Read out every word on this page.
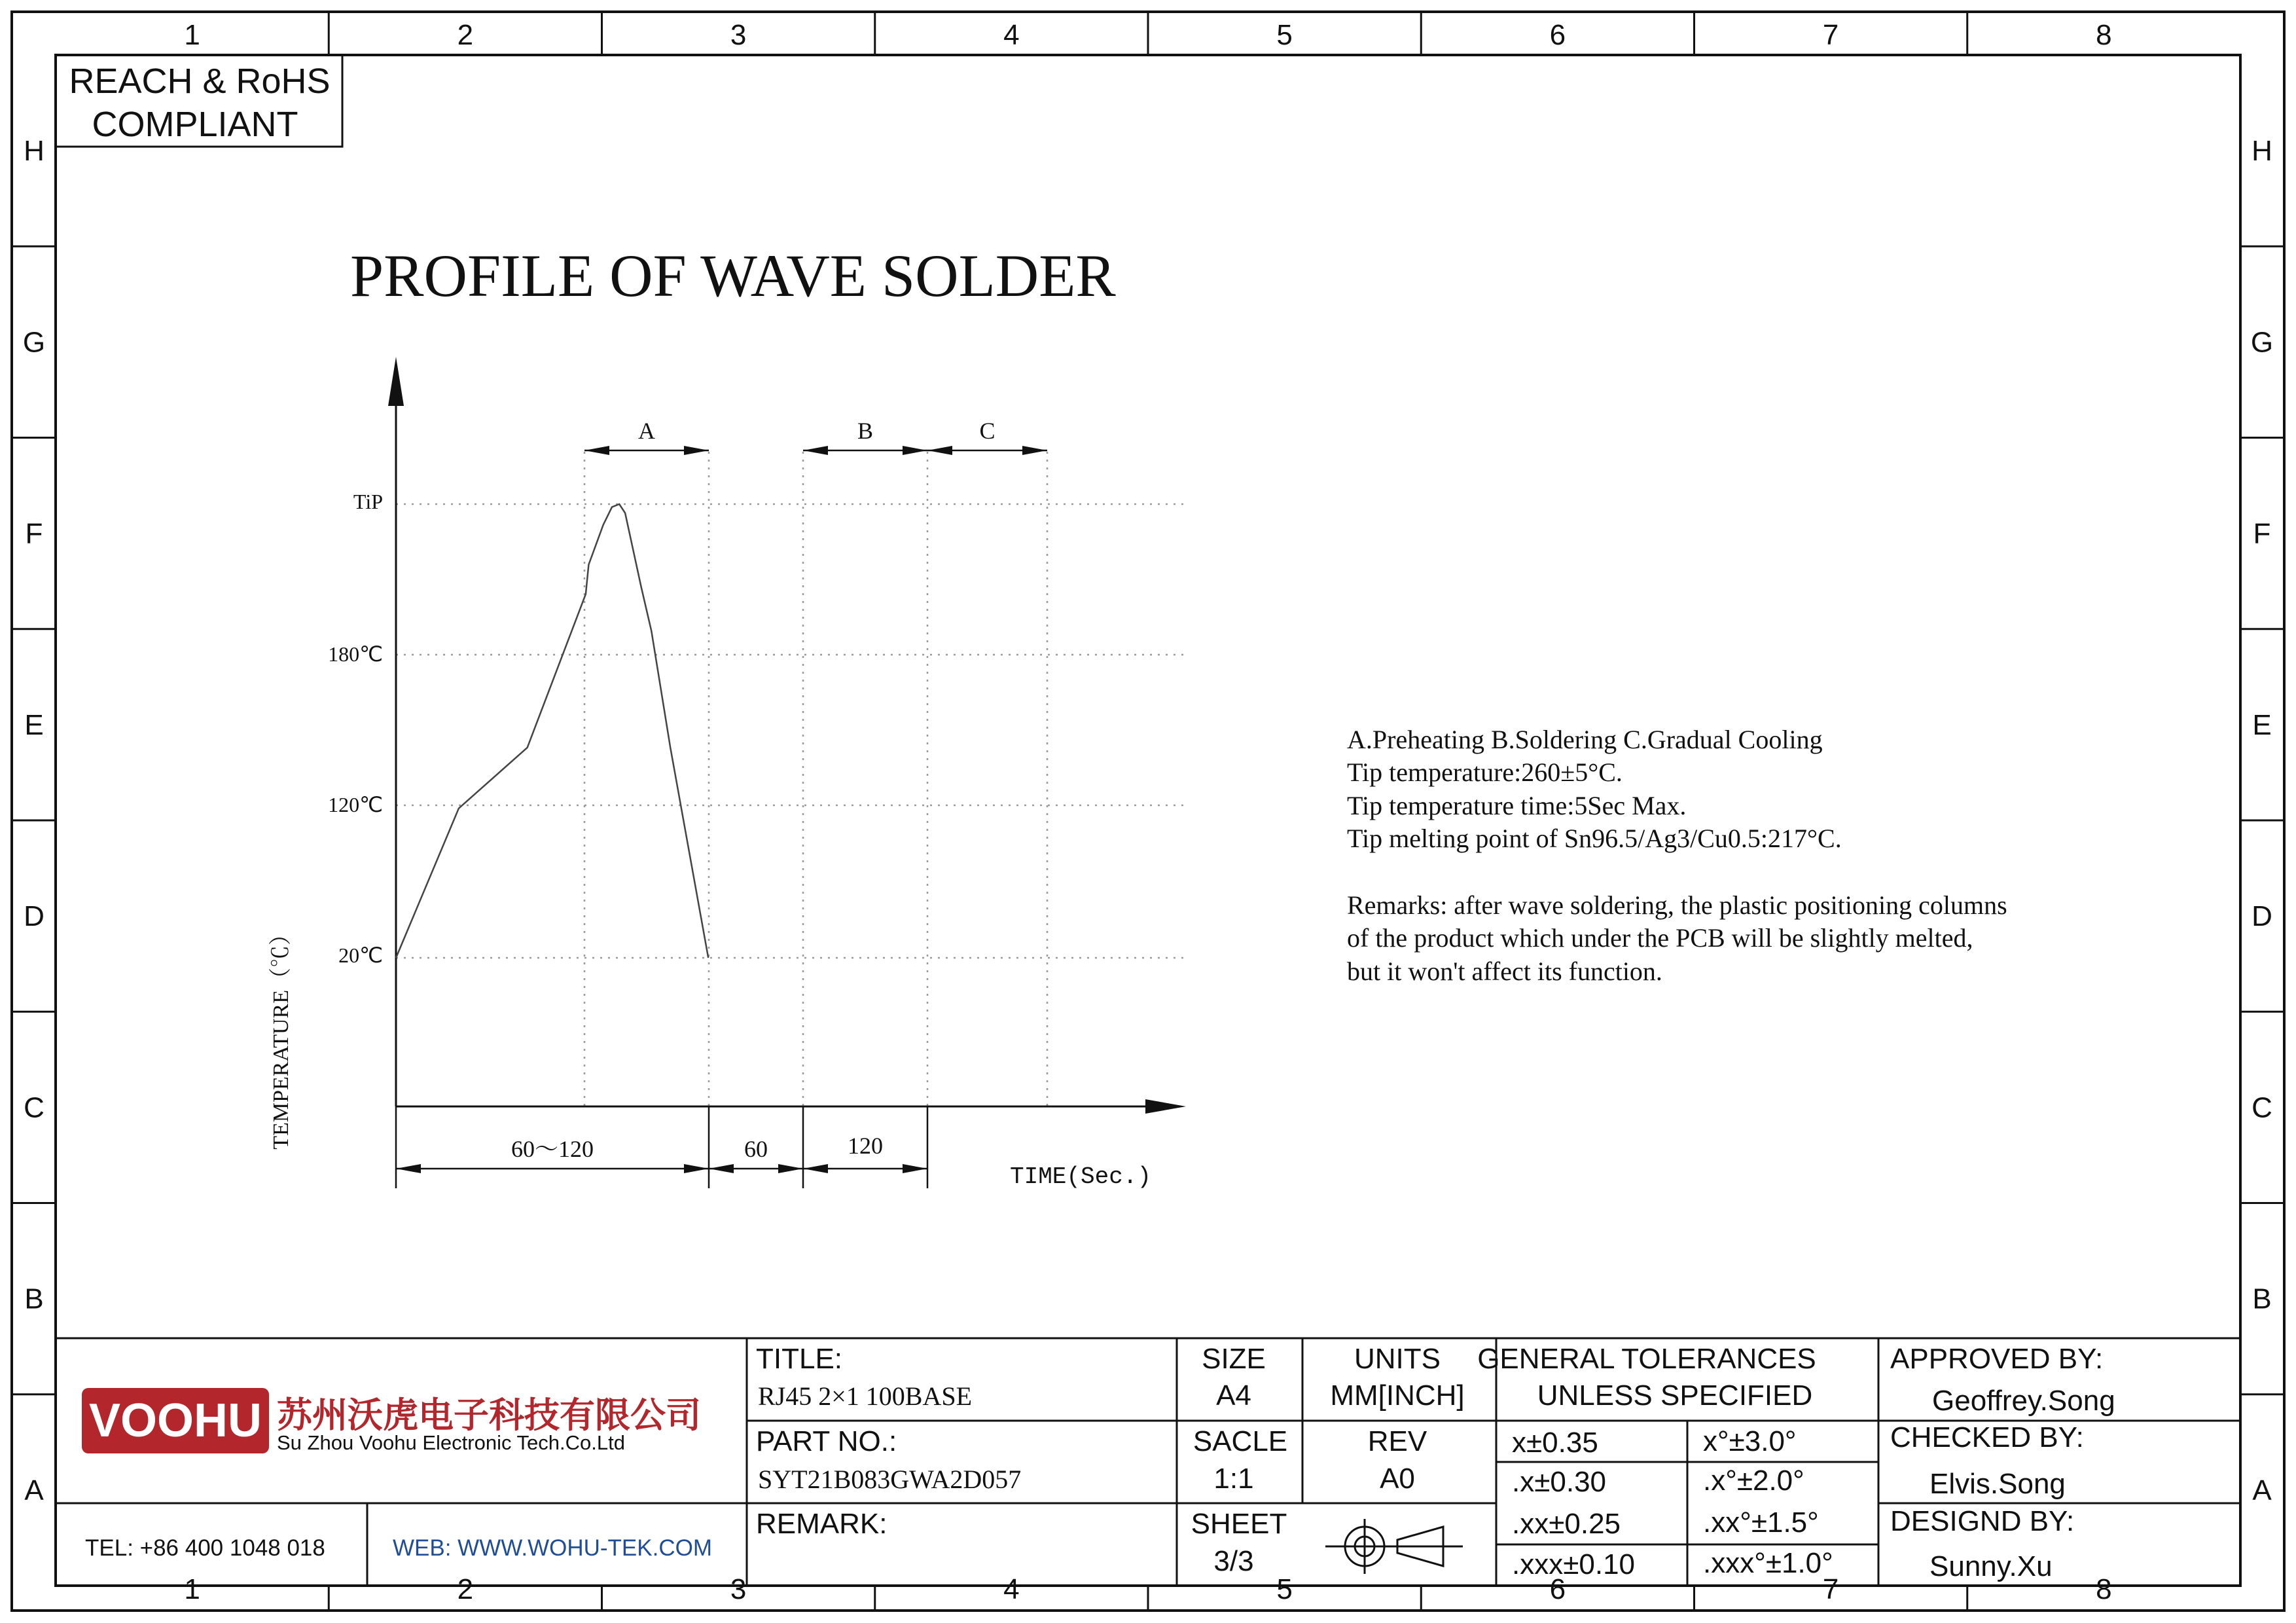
1
1
2
2
3
3
4
4
5
5
6
6
7
7
8
8
H	H
G	G
F	F
E	E
D	D
C	C
B	B
A	A
REACH & RoHS
COMPLIANT
PROFILE OF WAVE SOLDER
TiP
180℃
120℃
20℃
TEMPERATURE（℃）
A	B	C
60～120	60	120
TIME(Sec.)
A.Preheating B.Soldering C.Gradual Cooling
Tip temperature:260±5°C.
Tip temperature time:5Sec Max.
Tip melting point of Sn96.5/Ag3/Cu0.5:217°C.
Remarks: after wave soldering, the plastic positioning columns
of the product which under the PCB will be slightly melted,
but it won't affect its function.
VOOHU 苏州沃虎电子科技有限公司
Su Zhou Voohu Electronic Tech.Co.Ltd
TEL: +86 400 1048 018	WEB: WWW.WOHU-TEK.COM
TITLE:
RJ45 2×1 100BASE
PART NO.:
SYT21B083GWA2D057
REMARK:
SIZE
A4
UNITS
MM[INCH]
SACLE
1:1
REV
A0
SHEET
3/3
GENERAL TOLERANCES
UNLESS SPECIFIED
x±0.35	x°±3.0°
.x±0.30	.x°±2.0°
.xx±0.25	.xx°±1.5°
.xxx±0.10 .xxx°±1.0°
APPROVED BY:
Geoffrey.Song
CHECKED BY:
Elvis.Song
DESIGND BY:
Sunny.Xu
